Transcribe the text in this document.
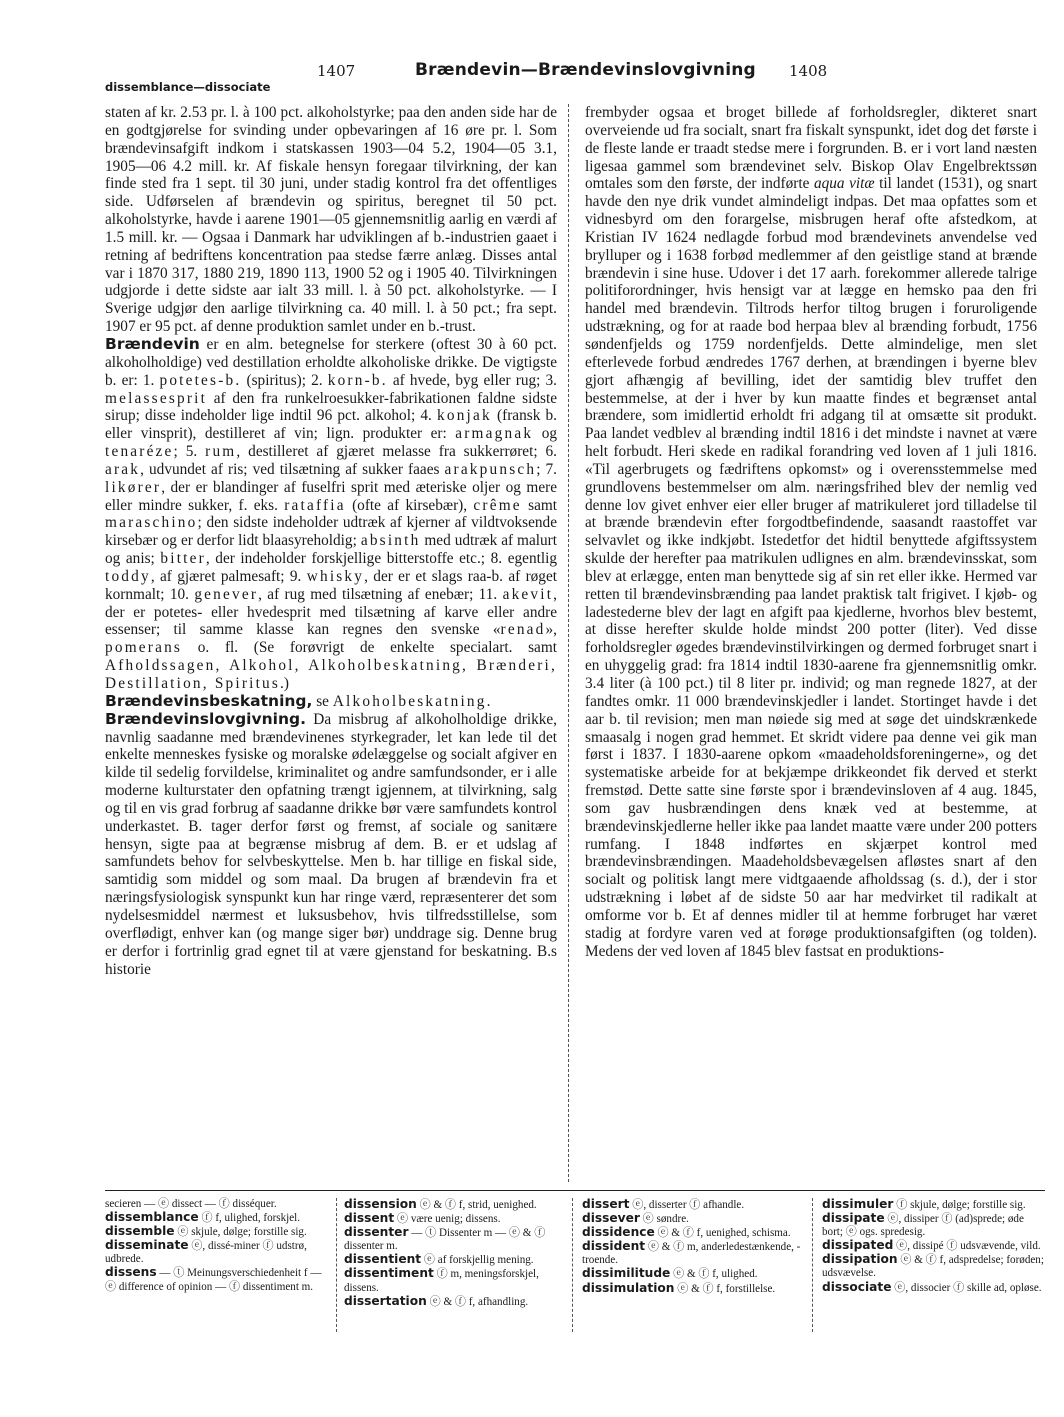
1407	Brændevin—Brændevinslovgivning 1408
dissemblance—dissociate

staten af kr. 2.53 pr. l. à 100 pct. alkoholstyrke; paa den anden side har de en godtgjørelse for svinding under opbevaringen af 16 øre pr. l. Som brændevinsafgift indkom i statskassen 1903—04 5.2, 1904—05 3.1, 1905—06 4.2 mill. kr. Af fiskale hensyn foregaar tilvirkning, der kan finde sted fra 1 sept. til 30 juni, under stadig kontrol fra det offentliges side. Udførselen af brændevin og spiritus, beregnet til 50 pct. alkoholstyrke, havde i aarene 1901—05 gjennemsnitlig aarlig en værdi af 1.5 mill. kr. — Ogsaa i Danmark har udviklingen af b.-industrien gaaet i retning af bedriftens koncentration paa stedse færre anlæg. Disses antal var i 1870 317, 1880 219, 1890 113, 1900 52 og i 1905 40. Tilvirkningen udgjorde i dette sidste aar ialt 33 mill. l. à 50 pct. alkoholstyrke. — I Sverige udgjør den aarlige tilvirkning ca. 40 mill. l. à 50 pct.; fra sept. 1907 er 95 pct. af denne produktion samlet under en b.-trust.

Brændevin er en alm. betegnelse for sterkere (oftest 30 à 60 pct. alkoholholdige) ved destillation erholdte alkoholiske drikke. De vigtigste b. er: 1. potetes-b. (spiritus); 2. korn-b. af hvede, byg eller rug; 3. melassesprit af den fra runkelroesukker-fabrikationen faldne sidste sirup; disse indeholder lige indtil 96 pct. alkohol; 4. konjak (fransk b. eller vinsprit), destilleret af vin; lign. produkter er: armagnak og tenaréze; 5. rum, destilleret af gjæret melasse fra sukkerrøret; 6. arak, udvundet af ris; ved tilsætning af sukker faaes arakpunsch; 7. likører, der er blandinger af fuselfri sprit med æteriske oljer og mere eller mindre sukker, f. eks. rataffia (ofte af kirsebær), crême samt maraschino; den sidste indeholder udtræk af kjerner af vildtvoksende kirsebær og er derfor lidt blaasyreholdig; absinth med udtræk af malurt og anis; bitter, der indeholder forskjellige bitterstoffe etc.; 8. egentlig toddy, af gjæret palmesaft; 9. whisky, der er et slags raa-b. af røget kornmalt; 10. genever, af rug med tilsætning af enebær; 11. akevit, der er potetes- eller hvedesprit med tilsætning af karve eller andre essenser; til samme klasse kan regnes den svenske «renad», pomerans o. fl. (Se forøvrigt de enkelte specialart. samt Afholdssagen, Alkohol, Alkoholbeskatning, Brænderi, Destillation, Spiritus.)

Brændevinsbeskatning, se Alkoholbeskatning.

Brændevinslovgivning. Da misbrug af alkoholholdige drikke, navnlig saadanne med brændevinenes styrkegrader, let kan lede til det enkelte menneskes fysiske og moralske ødelæggelse og socialt afgiver en kilde til sedelig forvildelse, kriminalitet og andre samfundsonder, er i alle moderne kulturstater den opfatning trængt igjennem, at tilvirkning, salg og til en vis grad forbrug af saadanne drikke bør være samfundets kontrol underkastet. B. tager derfor først og fremst, af sociale og sanitære hensyn, sigte paa at begrænse misbrug af dem. B. er et udslag af samfundets behov for selvbeskyttelse. Men b. har tillige en fiskal side, samtidig som middel og som maal. Da brugen af brændevin fra et næringsfysiologisk synspunkt kun har ringe værd, repræsenterer det som nydelsesmiddel nærmest et luksusbehov, hvis tilfredsstillelse, som overflødigt, enhver kan (og mange siger bør) unddrage sig. Denne brug er derfor i fortrinlig grad egnet til at være gjenstand for beskatning. B.s historie

frembyder ogsaa et broget billede af forholdsregler, dikteret snart overveiende ud fra socialt, snart fra fiskalt synspunkt, idet dog det første i de fleste lande er traadt stedse mere i forgrunden. B. er i vort land næsten ligesaa gammel som brændevinet selv. Biskop Olav Engelbrektssøn omtales som den første, der indførte aqua vitæ til landet (1531), og snart havde den nye drik vundet almindeligt indpas. Det maa opfattes som et vidnesbyrd om den forargelse, misbrugen heraf ofte afstedkom, at Kristian IV 1624 nedlagde forbud mod brændevinets anvendelse ved brylluper og i 1638 forbød medlemmer af den geistlige stand at brænde brændevin i sine huse. Udover i det 17 aarh. forekommer allerede talrige politiforordninger, hvis hensigt var at lægge en hemsko paa den fri handel med brændevin. Tiltrods herfor tiltog brugen i foruroligende udstrækning, og for at raade bod herpaa blev al brænding forbudt, 1756 søndenfjelds og 1759 nordenfjelds. Dette almindelige, men slet efterlevede forbud ændredes 1767 derhen, at brændingen i byerne blev gjort afhængig af bevilling, idet der samtidig blev truffet den bestemmelse, at der i hver by kun maatte findes et begrænset antal brændere, som imidlertid erholdt fri adgang til at omsætte sit produkt. Paa landet vedblev al brænding indtil 1816 i det mindste i navnet at være helt forbudt. Heri skede en radikal forandring ved loven af 1 juli 1816. «Til agerbrugets og fædriftens opkomst» og i overensstemmelse med grundlovens bestemmelser om alm. næringsfrihed blev der nemlig ved denne lov givet enhver eier eller bruger af matrikuleret jord tilladelse til at brænde brændevin efter forgodtbefindende, saasandt raastoffet var selvavlet og ikke indkjøbt. Istedetfor det hidtil benyttede afgiftssystem skulde der herefter paa matrikulen udlignes en alm. brændevinsskat, som blev at erlægge, enten man benyttede sig af sin ret eller ikke. Hermed var retten til brændevinsbrænding paa landet praktisk talt frigivet. I kjøb- og ladestederne blev der lagt en afgift paa kjedlerne, hvorhos blev bestemt, at disse herefter skulde holde mindst 200 potter (liter). Ved disse forholdsregler øgedes brændevinstilvirkingen og dermed forbruget snart i en uhyggelig grad: fra 1814 indtil 1830-aarene fra gjennemsnitlig omkr. 3.4 liter (à 100 pct.) til 8 liter pr. individ; og man regnede 1827, at der fandtes omkr. 11 000 brændevinskjedler i landet. Stortinget havde i det aar b. til revision; men man nøiede sig med at søge det uindskrænkede smaasalg i nogen grad hemmet. Et skridt videre paa denne vei gik man først i 1837. I 1830-aarene opkom «maadeholdsforeningerne», og det systematiske arbeide for at bekjæmpe drikkeondet fik derved et sterkt fremstød. Dette satte sine første spor i brændevinsloven af 4 aug. 1845, som gav husbrændingen dens knæk ved at bestemme, at brændevinskjedlerne heller ikke paa landet maatte være under 200 potters rumfang. I 1848 indførtes en skjærpet kontrol med brændevinsbrændingen. Maadeholdsbevægelsen afløstes snart af den socialt og politisk langt mere vidtgaaende afholdssag (s. d.), der i stor udstrækning i løbet af de sidste 50 aar har medvirket til radikalt at omforme vor b. Et af dennes midler til at hemme forbruget har været stadig at fordyre varen ved at forøge produktionsafgiften (og tolden). Medens der ved loven af 1845 blev fastsat en produktions-

secieren — ⓔ dissect — ⓕ disséquer.

dissemblance ⓕ f, ulighed, forskjel.

dissemble ⓔ skjule, dølge; forstille sig.

disseminate ⓔ, dissé-miner ⓕ udstrø, udbrede.

dissens — ⓣ Meinungsverschiedenheit f — ⓔ difference of opinion — ⓕ dissentiment m.

dissension ⓔ & ⓕ f, strid, uenighed.

dissent ⓔ være uenig; dissens.

dissenter — ⓣ Dissenter m — ⓔ & ⓕ dissenter m.

dissentient ⓔ af forskjellig mening.

dissentiment ⓕ m, meningsforskjel, dissens.

dissertation ⓔ & ⓕ f, afhandling.

dissert ⓔ, disserter ⓕ afhandle.

dissever ⓔ søndre.

dissidence ⓔ & ⓕ f, uenighed, schisma.

dissident ⓔ & ⓕ m, anderledestænkende, -troende.

dissimilitude ⓔ & ⓕ f, ulighed.

dissimulation ⓔ & ⓕ f, forstillelse.

dissimuler ⓕ skjule, dølge; forstille sig.

dissipate ⓔ, dissiper ⓕ (ad)sprede; øde bort; ⓔ ogs. spredesig.

dissipated ⓔ, dissipé ⓕ udsvævende, vild.

dissipation ⓔ & ⓕ f, adspredelse; forøden; udsvævelse.

dissociate ⓔ, dissocier ⓕ skille ad, opløse.
